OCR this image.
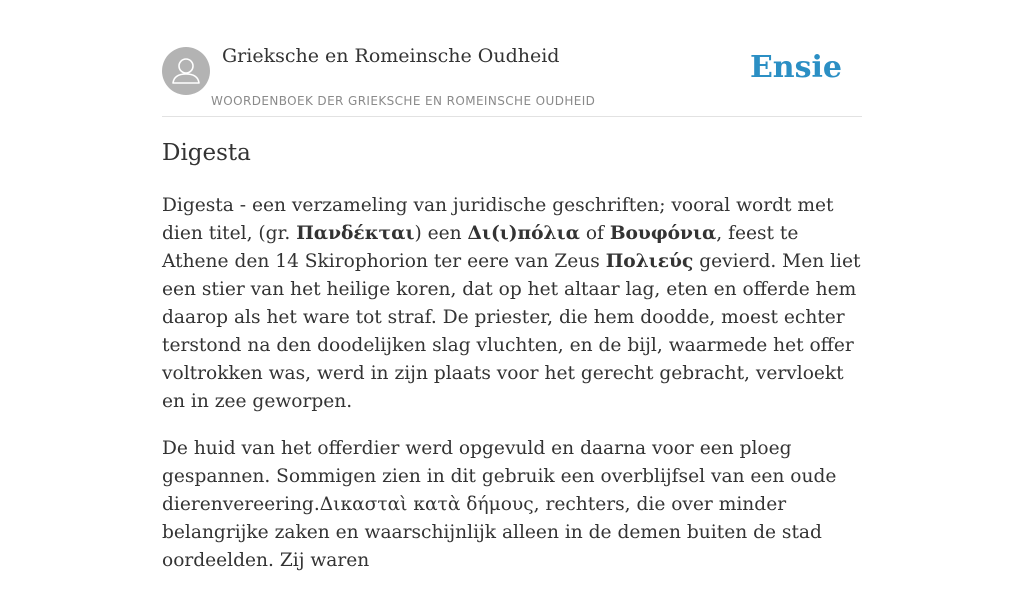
Grieksche en Romeinsche Oudheid
WOORDENBOEK DER GRIEKSCHE EN ROMEINSCHE OUDHEID
Ensie
Digesta

Digesta - een verzameling van juridische geschriften; vooral wordt met dien titel, (gr. Πανδέκται) een Δι(ι)πόλια of Βουφόνια, feest te Athene den 14 Skirophorion ter eere van Zeus Πολιεύς gevierd. Men liet een stier van het heilige koren, dat op het altaar lag, eten en offerde hem daarop als het ware tot straf. De priester, die hem doodde, moest echter terstond na den doodelijken slag vluchten, en de bijl, waarmede het offer voltrokken was, werd in zijn plaats voor het gerecht gebracht, vervloekt en in zee geworpen.

De huid van het offerdier werd opgevuld en daarna voor een ploeg gespannen. Sommigen zien in dit gebruik een overblijfsel van een oude dierenvereering.Δικασταὶ κατὰ δήμους, rechters, die over minder belangrijke zaken en waarschijnlijk alleen in de demen buiten de stad oordeelden. Zij waren
